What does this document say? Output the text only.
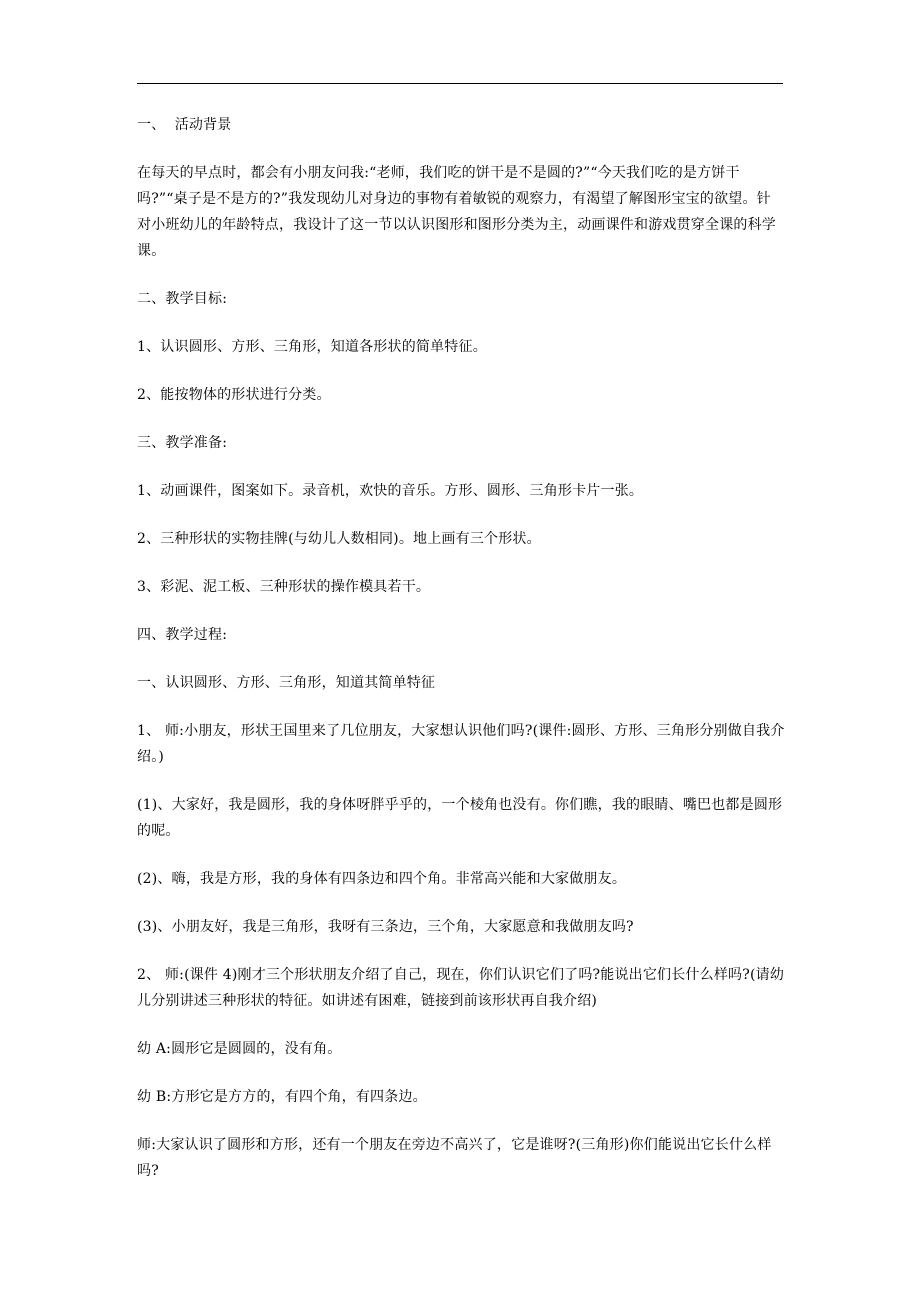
一、  活动背景

在每天的早点时，都会有小朋友问我:“老师，我们吃的饼干是不是圆的?”“今天我们吃的是方饼干吗?”“桌子是不是方的?”我发现幼儿对身边的事物有着敏锐的观察力，有渴望了解图形宝宝的欲望。针对小班幼儿的年龄特点，我设计了这一节以认识图形和图形分类为主，动画课件和游戏贯穿全课的科学课。

二、教学目标:

1、认识圆形、方形、三角形，知道各形状的简单特征。

2、能按物体的形状进行分类。

三、教学准备:

1、动画课件，图案如下。录音机，欢快的音乐。方形、圆形、三角形卡片一张。

2、三种形状的实物挂牌(与幼儿人数相同)。地上画有三个形状。

3、彩泥、泥工板、三种形状的操作模具若干。

四、教学过程:

一、认识圆形、方形、三角形，知道其简单特征

1、 师:小朋友，形状王国里来了几位朋友，大家想认识他们吗?(课件:圆形、方形、三角形分别做自我介绍。)

(1)、大家好，我是圆形，我的身体呀胖乎乎的，一个棱角也没有。你们瞧，我的眼睛、嘴巴也都是圆形的呢。

(2)、嗨，我是方形，我的身体有四条边和四个角。非常高兴能和大家做朋友。

(3)、小朋友好，我是三角形，我呀有三条边，三个角，大家愿意和我做朋友吗?

2、 师:(课件 4)刚才三个形状朋友介绍了自己，现在，你们认识它们了吗?能说出它们长什么样吗?(请幼儿分别讲述三种形状的特征。如讲述有困难，链接到前该形状再自我介绍)

幼 A:圆形它是圆圆的，没有角。

幼 B:方形它是方方的，有四个角，有四条边。

师:大家认识了圆形和方形，还有一个朋友在旁边不高兴了，它是谁呀?(三角形)你们能说出它长什么样吗?
